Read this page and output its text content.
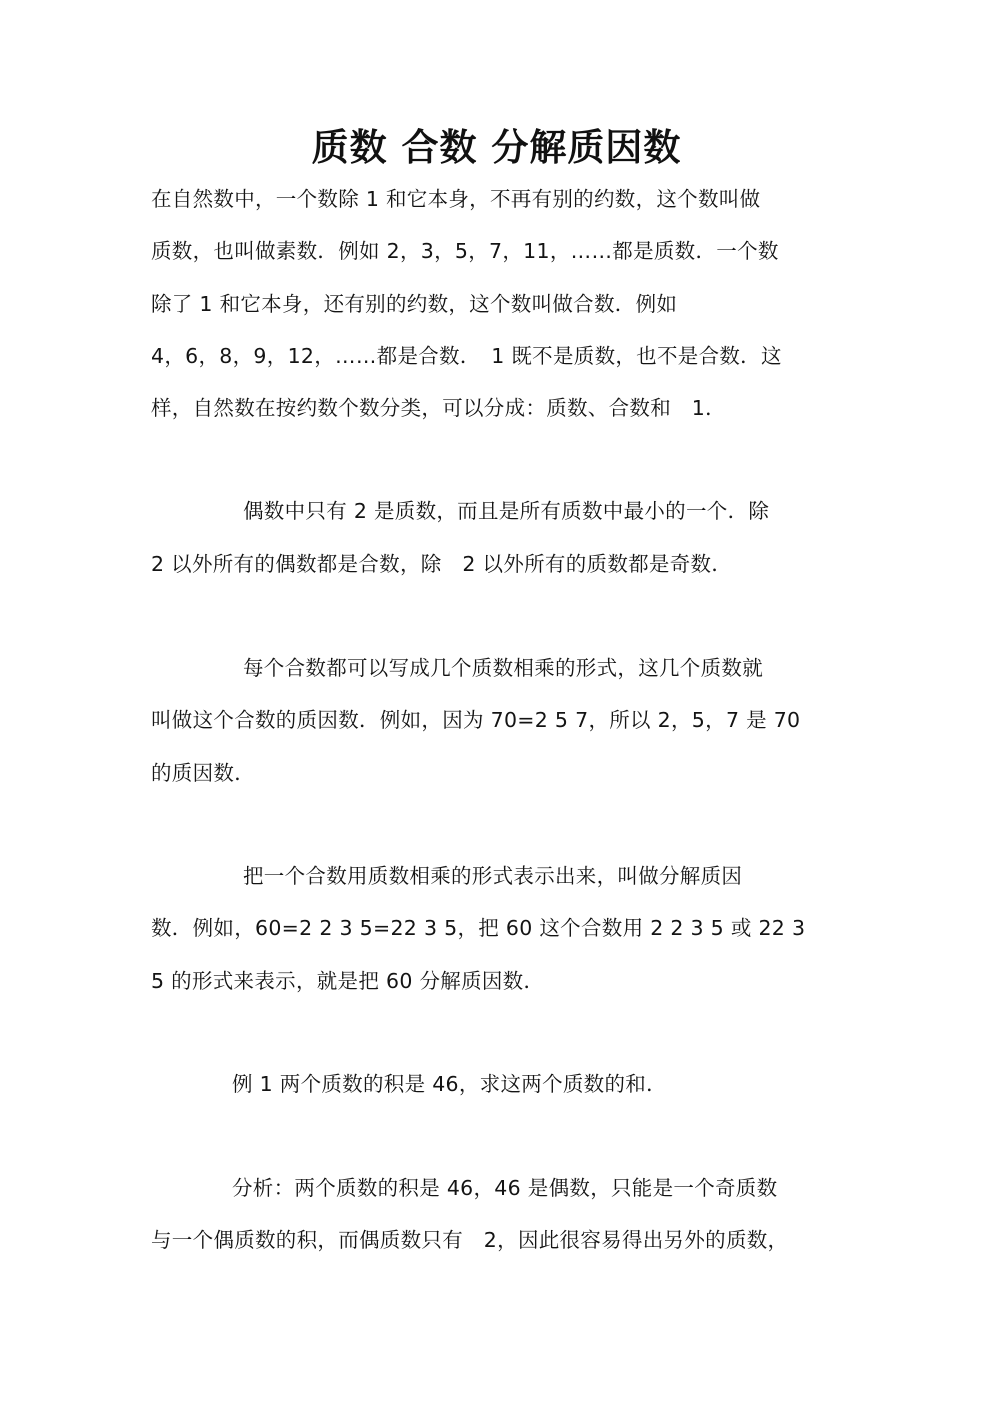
质数 合数 分解质因数
在自然数中，一个数除 1 和它本身，不再有别的约数，这个数叫做
质数，也叫做素数．例如 2，3，5，7，11，……都是质数．一个数
除了 1 和它本身，还有别的约数，这个数叫做合数．例如
4，6，8，9，12，……都是合数．　1 既不是质数，也不是合数．这
样，自然数在按约数个数分类，可以分成：质数、合数和　1．
偶数中只有 2 是质数，而且是所有质数中最小的一个．除
2 以外所有的偶数都是合数，除　2 以外所有的质数都是奇数．
每个合数都可以写成几个质数相乘的形式，这几个质数就
叫做这个合数的质因数．例如，因为 70=2 5 7，所以 2，5，7 是 70
的质因数．
把一个合数用质数相乘的形式表示出来，叫做分解质因
数．例如，60=2 2 3 5=22 3 5，把 60 这个合数用 2 2 3 5 或 22 3
5 的形式来表示，就是把 60 分解质因数．
例 1 两个质数的积是 46，求这两个质数的和．
分析：两个质数的积是 46，46 是偶数，只能是一个奇质数
与一个偶质数的积，而偶质数只有　2，因此很容易得出另外的质数，
